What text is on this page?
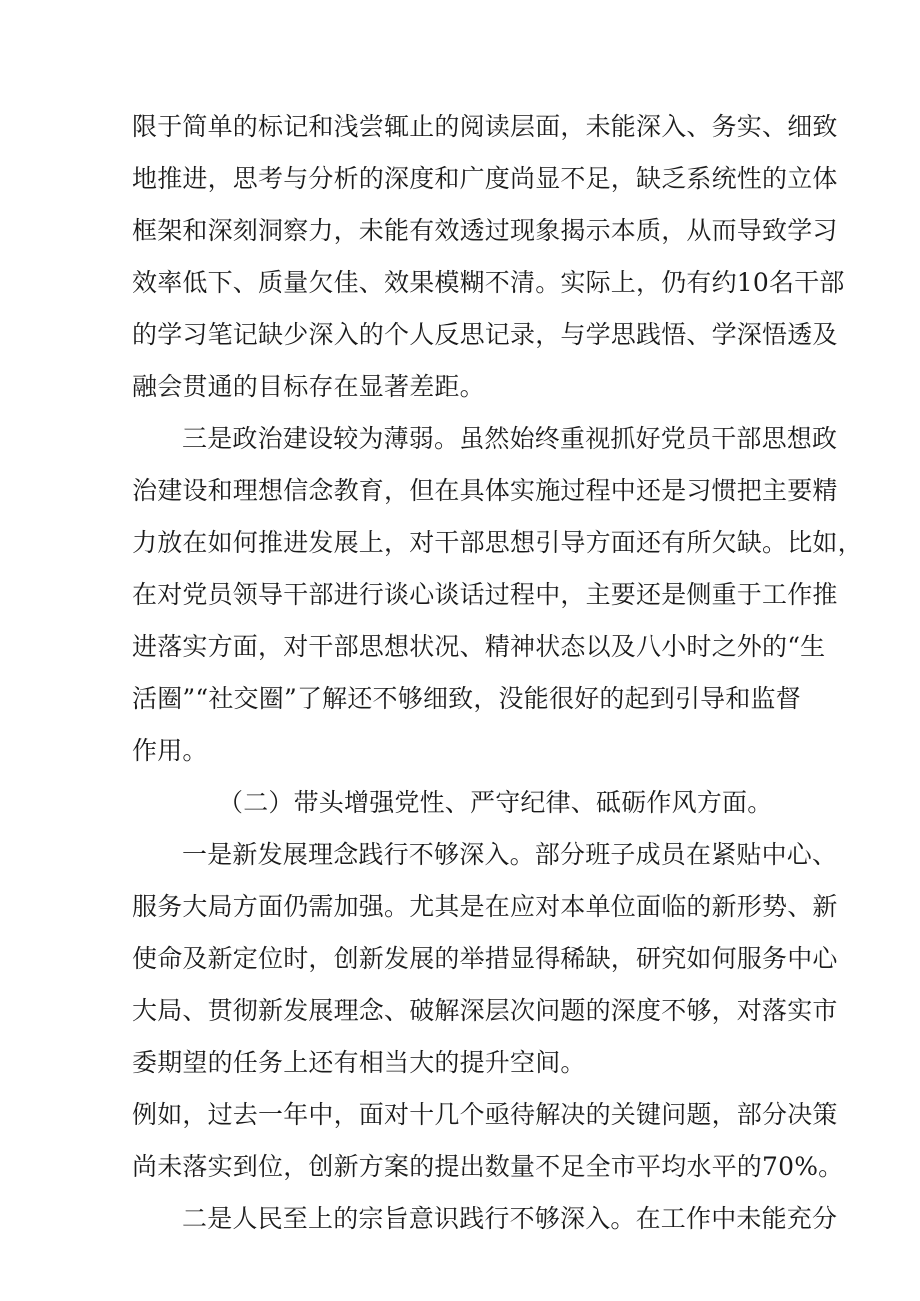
限于简单的标记和浅尝辄止的阅读层面，未能深入、务实、细致
地推进，思考与分析的深度和广度尚显不足，缺乏系统性的立体
框架和深刻洞察力，未能有效透过现象揭示本质，从而导致学习
效率低下、质量欠佳、效果模糊不清。实际上，仍有约10名干部
的学习笔记缺少深入的个人反思记录，与学思践悟、学深悟透及
融会贯通的目标存在显著差距。
三是政治建设较为薄弱。虽然始终重视抓好党员干部思想政
治建设和理想信念教育，但在具体实施过程中还是习惯把主要精
力放在如何推进发展上，对干部思想引导方面还有所欠缺。比如，
在对党员领导干部进行谈心谈话过程中，主要还是侧重于工作推
进落实方面，对干部思想状况、精神状态以及八小时之外的“生
活圈”“社交圈”了解还不够细致，没能很好的起到引导和监督
作用。
（二）带头增强党性、严守纪律、砥砺作风方面。
一是新发展理念践行不够深入。部分班子成员在紧贴中心、
服务大局方面仍需加强。尤其是在应对本单位面临的新形势、新
使命及新定位时，创新发展的举措显得稀缺，研究如何服务中心
大局、贯彻新发展理念、破解深层次问题的深度不够，对落实市
委期望的任务上还有相当大的提升空间。
例如，过去一年中，面对十几个亟待解决的关键问题，部分决策
尚未落实到位，创新方案的提出数量不足全市平均水平的70%。
二是人民至上的宗旨意识践行不够深入。在工作中未能充分
